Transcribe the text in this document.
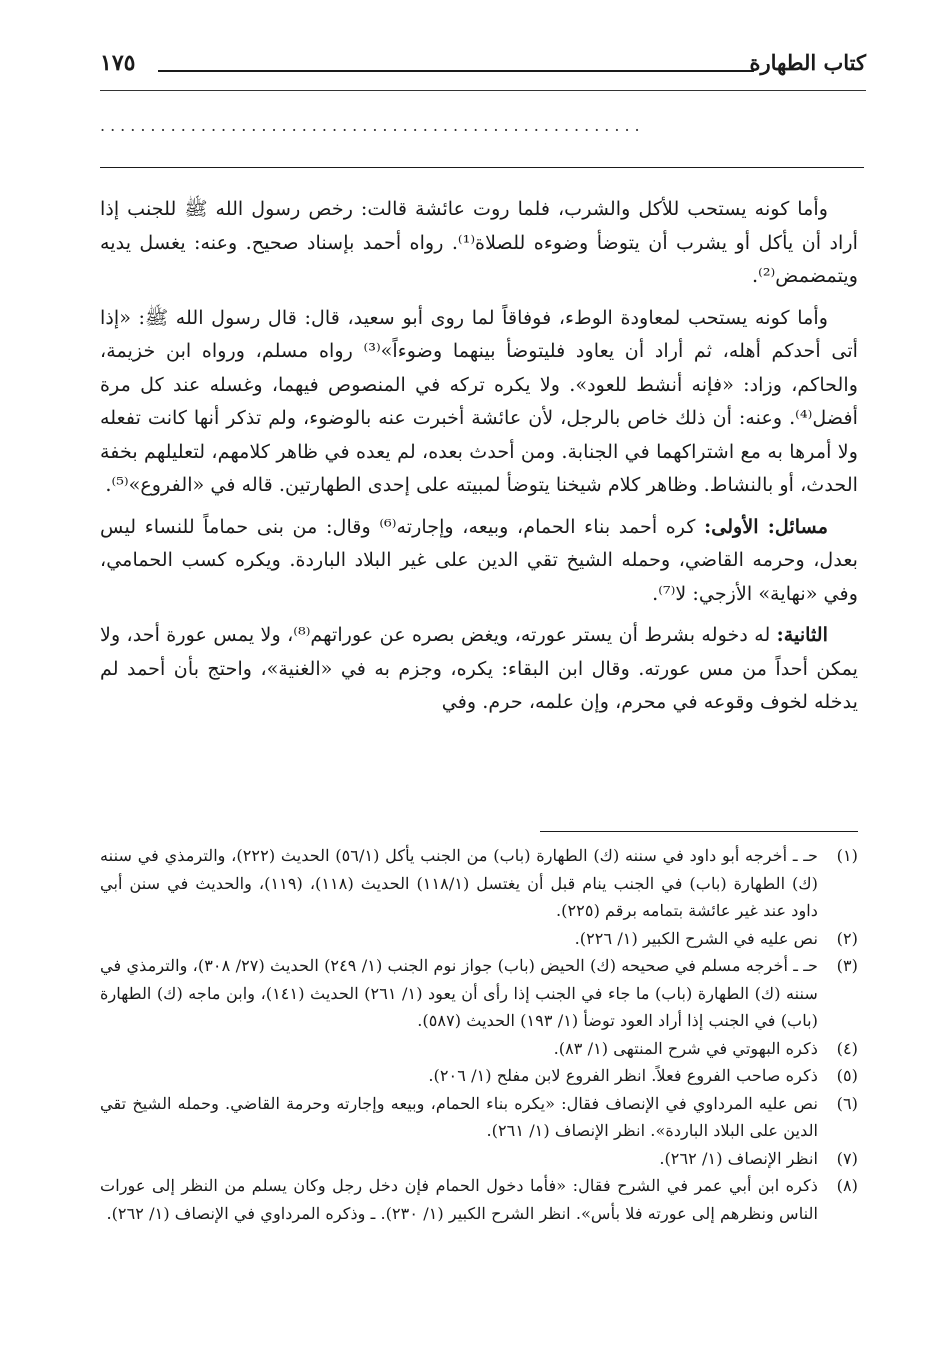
كتاب الطهارة
١٧٥
......................................................

وأما كونه يستحب للأكل والشرب، فلما روت عائشة قالت: رخص رسول الله ﷺ للجنب إذا أراد أن يأكل أو يشرب أن يتوضأ وضوءه للصلاة⁽¹⁾. رواه أحمد بإسناد صحيح. وعنه: يغسل يديه ويتمضمض⁽²⁾.

وأما كونه يستحب لمعاودة الوطء، فوفاقاً لما روى أبو سعيد، قال: قال رسول الله ﷺ: «إذا أتى أحدكم أهله، ثم أراد أن يعاود فليتوضأ بينهما وضوءاً»⁽³⁾ رواه مسلم، ورواه ابن خزيمة، والحاكم، وزاد: «فإنه أنشط للعود». ولا يكره تركه في المنصوص فيهما، وغسله عند كل مرة أفضل⁽⁴⁾. وعنه: أن ذلك خاص بالرجل، لأن عائشة أخبرت عنه بالوضوء، ولم تذكر أنها كانت تفعله ولا أمرها به مع اشتراكهما في الجنابة. ومن أحدث بعده، لم يعده في ظاهر كلامهم، لتعليلهم بخفة الحدث، أو بالنشاط. وظاهر كلام شيخنا يتوضأ لمبيته على إحدى الطهارتين. قاله في «الفروع»⁽⁵⁾.

مسائل: الأولى: كره أحمد بناء الحمام، وبيعه، وإجارته⁽⁶⁾ وقال: من بنى حماماً للنساء ليس بعدل، وحرمه القاضي، وحمله الشيخ تقي الدين على غير البلاد الباردة. ويكره كسب الحمامي، وفي «نهاية» الأزجي: لا⁽⁷⁾.

الثانية: له دخوله بشرط أن يستر عورته، ويغض بصره عن عوراتهم⁽⁸⁾، ولا يمس عورة أحد، ولا يمكن أحداً من مس عورته. وقال ابن البقاء: يكره، وجزم به في «الغنية»، واحتج بأن أحمد لم يدخله لخوف وقوعه في محرم، وإن علمه، حرم. وفي

(١)
حـ ـ أخرجه أبو داود في سننه (ك) الطهارة (باب) من الجنب يأكل (٥٦/١) الحديث (٢٢٢)، والترمذي في سننه (ك) الطهارة (باب) في الجنب ينام قبل أن يغتسل (١١٨/١) الحديث (١١٨)، (١١٩)، والحديث في سنن أبي داود عند غير عائشة بتمامه برقم (٢٢٥).
(٢)
نص عليه في الشرح الكبير (١/ ٢٢٦).
(٣)
حـ ـ أخرجه مسلم في صحيحه (ك) الحيض (باب) جواز نوم الجنب (١/ ٢٤٩) الحديث (٢٧/ ٣٠٨)، والترمذي في سننه (ك) الطهارة (باب) ما جاء في الجنب إذا رأى أن يعود (١/ ٢٦١) الحديث (١٤١)، وابن ماجه (ك) الطهارة (باب) في الجنب إذا أراد العود توضأ (١/ ١٩٣) الحديث (٥٨٧).
(٤)
ذكره البهوتي في شرح المنتهى (١/ ٨٣).
(٥)
ذكره صاحب الفروع فعلاً. انظر الفروع لابن مفلح (١/ ٢٠٦).
(٦)
نص عليه المرداوي في الإنصاف فقال: «يكره بناء الحمام، وبيعه وإجارته وحرمة القاضي. وحمله الشيخ تقي الدين على البلاد الباردة». انظر الإنصاف (١/ ٢٦١).
(٧)
انظر الإنصاف (١/ ٢٦٢).
(٨)
ذكره ابن أبي عمر في الشرح فقال: «فأما دخول الحمام فإن دخل رجل وكان يسلم من النظر إلى عورات الناس ونظرهم إلى عورته فلا بأس». انظر الشرح الكبير (١/ ٢٣٠). ـ وذكره المرداوي في الإنصاف (١/ ٢٦٢).
